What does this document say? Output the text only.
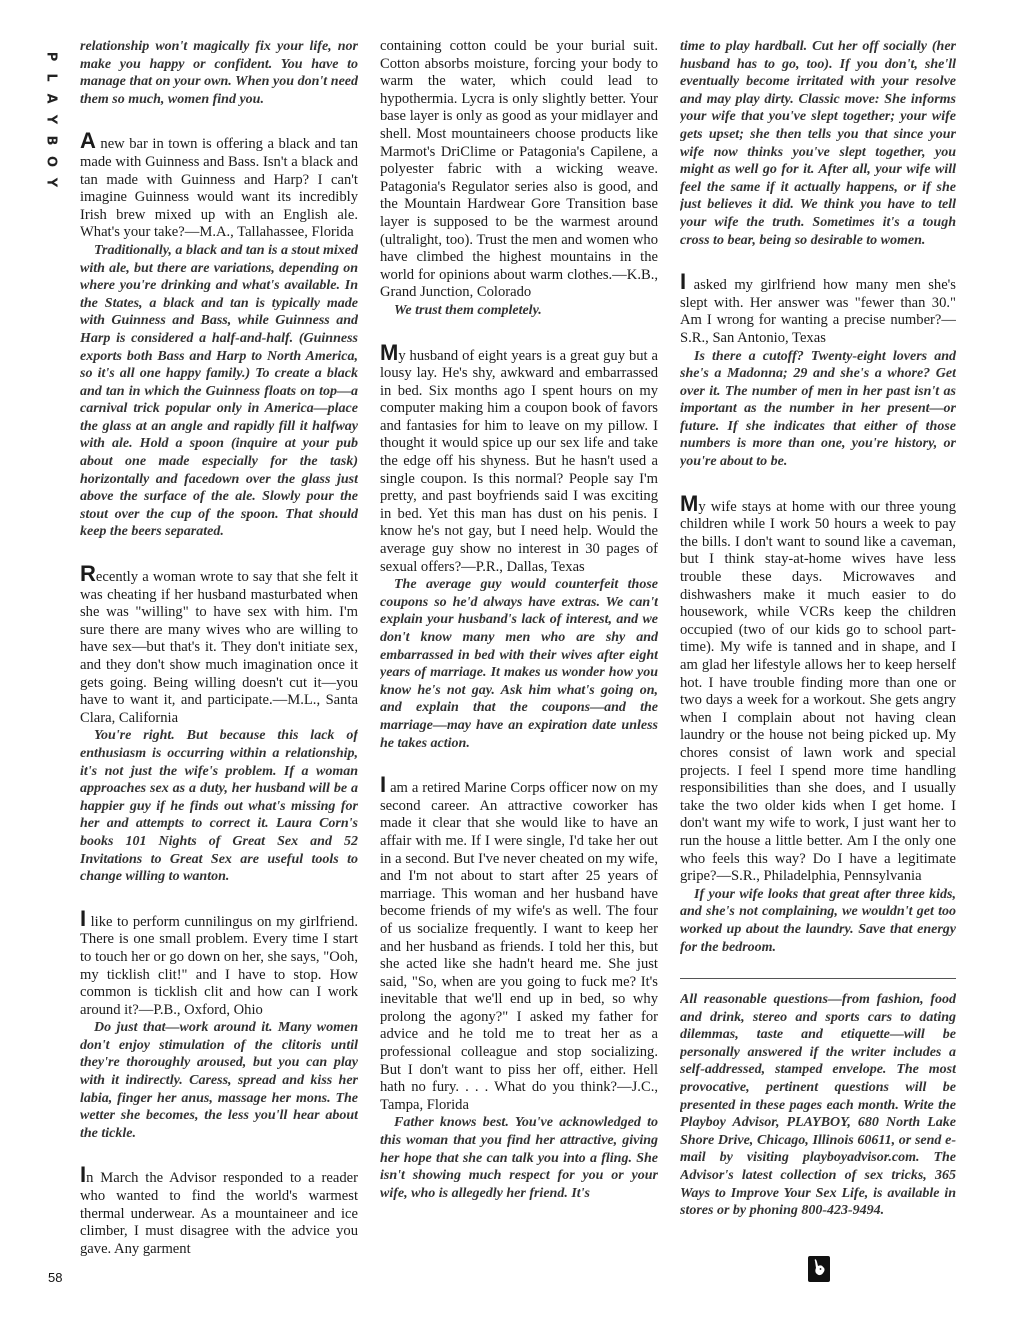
P
L
A
Y
B
O
Y

relationship won't magically fix your life, nor make you happy or confident. You have to manage that on your own. When you don't need them so much, women find you.

A new bar in town is offering a black and tan made with Guinness and Bass. Isn't a black and tan made with Guinness and Harp? I can't imagine Guinness would want its incredibly Irish brew mixed up with an English ale. What's your take?—M.A., Tallahassee, Florida

Traditionally, a black and tan is a stout mixed with ale, but there are variations, depending on where you're drinking and what's available. In the States, a black and tan is typically made with Guinness and Bass, while Guinness and Harp is considered a half-and-half. (Guinness exports both Bass and Harp to North America, so it's all one happy family.) To create a black and tan in which the Guinness floats on top—a carnival trick popular only in America—place the glass at an angle and rapidly fill it halfway with ale. Hold a spoon (inquire at your pub about one made especially for the task) horizontally and facedown over the glass just above the surface of the ale. Slowly pour the stout over the cup of the spoon. That should keep the beers separated.

Recently a woman wrote to say that she felt it was cheating if her husband masturbated when she was "willing" to have sex with him. I'm sure there are many wives who are willing to have sex—but that's it. They don't initiate sex, and they don't show much imagination once it gets going. Being willing doesn't cut it—you have to want it, and participate.—M.L., Santa Clara, California

You're right. But because this lack of enthusiasm is occurring within a relationship, it's not just the wife's problem. If a woman approaches sex as a duty, her husband will be a happier guy if he finds out what's missing for her and attempts to correct it. Laura Corn's books 101 Nights of Great Sex and 52 Invitations to Great Sex are useful tools to change willing to wanton.

I like to perform cunnilingus on my girlfriend. There is one small problem. Every time I start to touch her or go down on her, she says, "Ooh, my ticklish clit!" and I have to stop. How common is ticklish clit and how can I work around it?—P.B., Oxford, Ohio

Do just that—work around it. Many women don't enjoy stimulation of the clitoris until they're thoroughly aroused, but you can play with it indirectly. Caress, spread and kiss her labia, finger her anus, massage her mons. The wetter she becomes, the less you'll hear about the tickle.

In March the Advisor responded to a reader who wanted to find the world's warmest thermal underwear. As a mountaineer and ice climber, I must disagree with the advice you gave. Any garment

containing cotton could be your burial suit. Cotton absorbs moisture, forcing your body to warm the water, which could lead to hypothermia. Lycra is only slightly better. Your base layer is only as good as your midlayer and shell. Most mountaineers choose products like Marmot's DriClime or Patagonia's Capilene, a polyester fabric with a wicking weave. Patagonia's Regulator series also is good, and the Mountain Hardwear Gore Transition base layer is supposed to be the warmest around (ultralight, too). Trust the men and women who have climbed the highest mountains in the world for opinions about warm clothes.—K.B., Grand Junction, Colorado

We trust them completely.

My husband of eight years is a great guy but a lousy lay. He's shy, awkward and embarrassed in bed. Six months ago I spent hours on my computer making him a coupon book of favors and fantasies for him to leave on my pillow. I thought it would spice up our sex life and take the edge off his shyness. But he hasn't used a single coupon. Is this normal? People say I'm pretty, and past boyfriends said I was exciting in bed. Yet this man has dust on his penis. I know he's not gay, but I need help. Would the average guy show no interest in 30 pages of sexual offers?—P.R., Dallas, Texas

The average guy would counterfeit those coupons so he'd always have extras. We can't explain your husband's lack of interest, and we don't know many men who are shy and embarrassed in bed with their wives after eight years of marriage. It makes us wonder how you know he's not gay. Ask him what's going on, and explain that the coupons—and the marriage—may have an expiration date unless he takes action.

I am a retired Marine Corps officer now on my second career. An attractive coworker has made it clear that she would like to have an affair with me. If I were single, I'd take her out in a second. But I've never cheated on my wife, and I'm not about to start after 25 years of marriage. This woman and her husband have become friends of my wife's as well. The four of us socialize frequently. I want to keep her and her husband as friends. I told her this, but she acted like she hadn't heard me. She just said, "So, when are you going to fuck me? It's inevitable that we'll end up in bed, so why prolong the agony?" I asked my father for advice and he told me to treat her as a professional colleague and stop socializing. But I don't want to piss her off, either. Hell hath no fury. . . . What do you think?—J.C., Tampa, Florida

Father knows best. You've acknowledged to this woman that you find her attractive, giving her hope that she can talk you into a fling. She isn't showing much respect for you or your wife, who is allegedly her friend. It's

time to play hardball. Cut her off socially (her husband has to go, too). If you don't, she'll eventually become irritated with your resolve and may play dirty. Classic move: She informs your wife that you've slept together; your wife gets upset; she then tells you that since your wife now thinks you've slept together, you might as well go for it. After all, your wife will feel the same if it actually happens, or if she just believes it did. We think you have to tell your wife the truth. Sometimes it's a tough cross to bear, being so desirable to women.

I asked my girlfriend how many men she's slept with. Her answer was "fewer than 30." Am I wrong for wanting a precise number?—S.R., San Antonio, Texas

Is there a cutoff? Twenty-eight lovers and she's a Madonna; 29 and she's a whore? Get over it. The number of men in her past isn't as important as the number in her present—or future. If she indicates that either of those numbers is more than one, you're history, or you're about to be.

My wife stays at home with our three young children while I work 50 hours a week to pay the bills. I don't want to sound like a caveman, but I think stay-at-home wives have less trouble these days. Microwaves and dishwashers make it much easier to do housework, while VCRs keep the children occupied (two of our kids go to school part-time). My wife is tanned and in shape, and I am glad her lifestyle allows her to keep herself hot. I have trouble finding more than one or two days a week for a workout. She gets angry when I complain about not having clean laundry or the house not being picked up. My chores consist of lawn work and special projects. I feel I spend more time handling responsibilities than she does, and I usually take the two older kids when I get home. I don't want my wife to work, I just want her to run the house a little better. Am I the only one who feels this way? Do I have a legitimate gripe?—S.R., Philadelphia, Pennsylvania

If your wife looks that great after three kids, and she's not complaining, we wouldn't get too worked up about the laundry. Save that energy for the bedroom.

All reasonable questions—from fashion, food and drink, stereo and sports cars to dating dilemmas, taste and etiquette—will be personally answered if the writer includes a self-addressed, stamped envelope. The most provocative, pertinent questions will be presented in these pages each month. Write the Playboy Advisor, PLAYBOY, 680 North Lake Shore Drive, Chicago, Illinois 60611, or send e-mail by visiting playboyadvisor.com. The Advisor's latest collection of sex tricks, 365 Ways to Improve Your Sex Life, is available in stores or by phoning 800-423-9494.

58
